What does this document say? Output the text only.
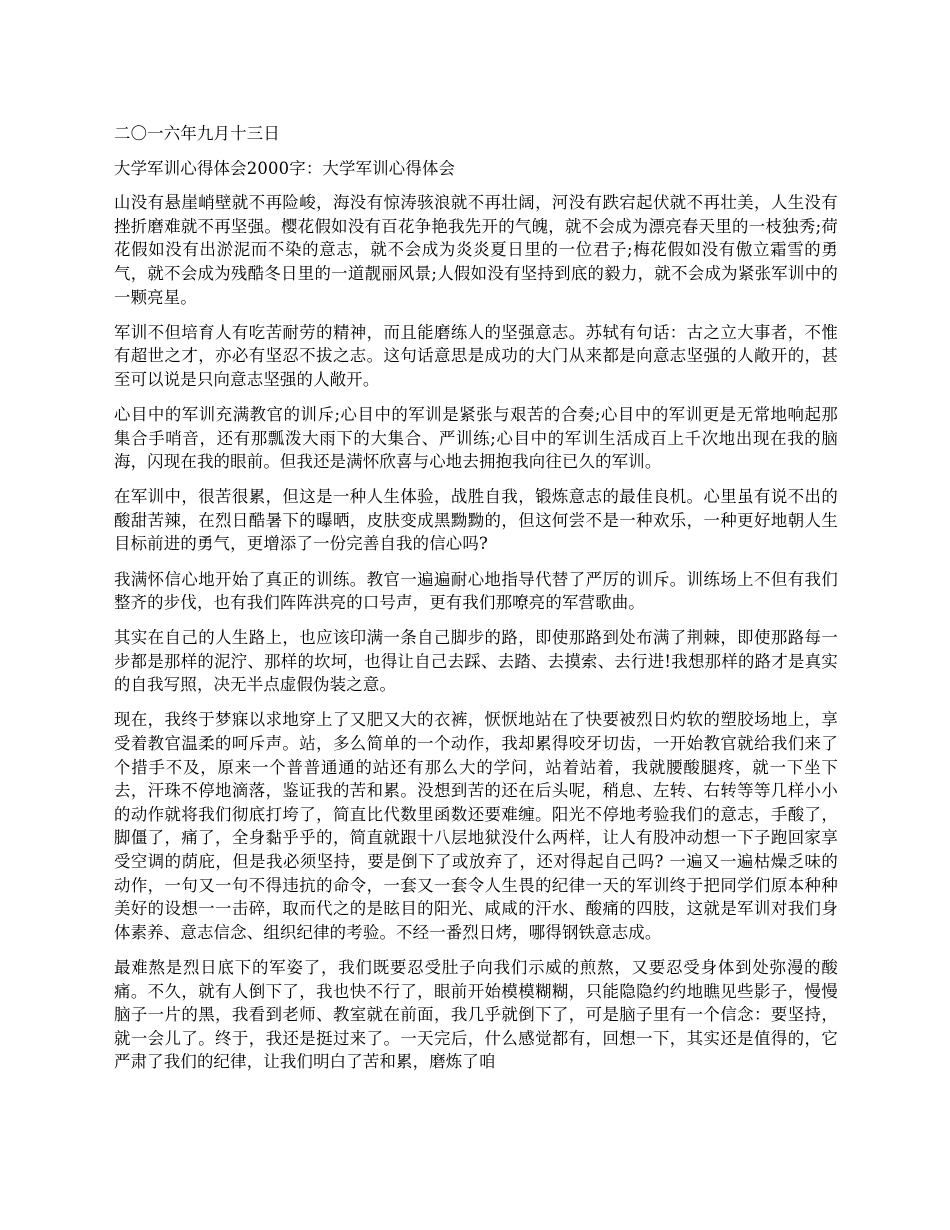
二〇一六年九月十三日

大学军训心得体会2000字：大学军训心得体会

山没有悬崖峭壁就不再险峻，海没有惊涛骇浪就不再壮阔，河没有跌宕起伏就不再壮美，人生没有挫折磨难就不再坚强。樱花假如没有百花争艳我先开的气魄，就不会成为漂亮春天里的一枝独秀;荷花假如没有出淤泥而不染的意志，就不会成为炎炎夏日里的一位君子;梅花假如没有傲立霜雪的勇气，就不会成为残酷冬日里的一道靓丽风景;人假如没有坚持到底的毅力，就不会成为紧张军训中的一颗亮星。

军训不但培育人有吃苦耐劳的精神，而且能磨练人的坚强意志。苏轼有句话：古之立大事者，不惟有超世之才，亦必有坚忍不拔之志。这句话意思是成功的大门从来都是向意志坚强的人敞开的，甚至可以说是只向意志坚强的人敞开。

心目中的军训充满教官的训斥;心目中的军训是紧张与艰苦的合奏;心目中的军训更是无常地响起那集合手哨音，还有那瓢泼大雨下的大集合、严训练;心目中的军训生活成百上千次地出现在我的脑海，闪现在我的眼前。但我还是满怀欣喜与心地去拥抱我向往已久的军训。

在军训中，很苦很累，但这是一种人生体验，战胜自我，锻炼意志的最佳良机。心里虽有说不出的酸甜苦辣，在烈日酷暑下的曝晒，皮肤变成黑黝黝的，但这何尝不是一种欢乐，一种更好地朝人生目标前进的勇气，更增添了一份完善自我的信心吗?

我满怀信心地开始了真正的训练。教官一遍遍耐心地指导代替了严厉的训斥。训练场上不但有我们整齐的步伐，也有我们阵阵洪亮的口号声，更有我们那嘹亮的军营歌曲。

其实在自己的人生路上，也应该印满一条自己脚步的路，即使那路到处布满了荆棘，即使那路每一步都是那样的泥泞、那样的坎坷，也得让自己去踩、去踏、去摸索、去行进!我想那样的路才是真实的自我写照，决无半点虚假伪装之意。

现在，我终于梦寐以求地穿上了又肥又大的衣裤，恹恹地站在了快要被烈日灼软的塑胶场地上，享受着教官温柔的呵斥声。站，多么简单的一个动作，我却累得咬牙切齿，一开始教官就给我们来了个措手不及，原来一个普普通通的站还有那么大的学问，站着站着，我就腰酸腿疼，就一下坐下去，汗珠不停地滴落，鉴证我的苦和累。没想到苦的还在后头呢，稍息、左转、右转等等几样小小的动作就将我们彻底打垮了，简直比代数里函数还要难缠。阳光不停地考验我们的意志，手酸了，脚僵了，痛了，全身黏乎乎的，简直就跟十八层地狱没什么两样，让人有股冲动想一下子跑回家享受空调的荫庇，但是我必须坚持，要是倒下了或放弃了，还对得起自己吗? 一遍又一遍枯燥乏味的动作，一句又一句不得违抗的命令，一套又一套令人生畏的纪律一天的军训终于把同学们原本种种美好的设想一一击碎，取而代之的是眩目的阳光、咸咸的汗水、酸痛的四肢，这就是军训对我们身体素养、意志信念、组织纪律的考验。不经一番烈日烤，哪得钢铁意志成。

最难熬是烈日底下的军姿了，我们既要忍受肚子向我们示威的煎熬，又要忍受身体到处弥漫的酸痛。不久，就有人倒下了，我也快不行了，眼前开始模模糊糊，只能隐隐约约地瞧见些影子，慢慢脑子一片的黑，我看到老师、教室就在前面，我几乎就倒下了，可是脑子里有一个信念：要坚持，就一会儿了。终于，我还是挺过来了。一天完后，什么感觉都有，回想一下，其实还是值得的，它严肃了我们的纪律，让我们明白了苦和累，磨炼了咱
